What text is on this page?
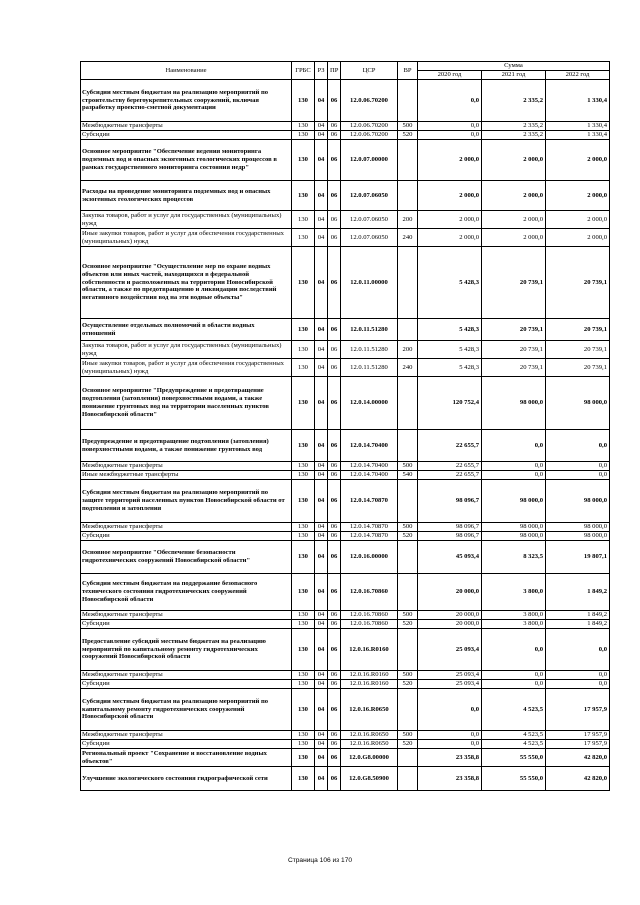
Наименование	ГРБС	РЗ	ПР	ЦСР	ВР	Сумма		
						2020 год	2021 год	2022 год
Субсидии местным бюджетам на реализацию мероприятий по строительству берегоукрепительных сооружений, включая разработку проектно-сметной документации	130	04	06	12.0.06.70200		0,0	2 335,2	1 330,4
Межбюджетные трансферты	130	04	06	12.0.06.70200	500	0,0	2 335,2	1 330,4
Субсидии	130	04	06	12.0.06.70200	520	0,0	2 335,2	1 330,4
Основное мероприятие "Обеспечение ведения мониторинга подземных вод и опасных экзогенных геологических процессов в рамках государственного мониторинга состояния недр"	130	04	06	12.0.07.00000		2 000,0	2 000,0	2 000,0
Расходы на проведение мониторинга подземных вод и опасных экзогенных геологических процессов	130	04	06	12.0.07.06050		2 000,0	2 000,0	2 000,0
Закупка товаров, работ и услуг для государственных (муниципальных) нужд	130	04	06	12.0.07.06050	200	2 000,0	2 000,0	2 000,0
Иные закупки товаров, работ и услуг для обеспечения государственных (муниципальных) нужд	130	04	06	12.0.07.06050	240	2 000,0	2 000,0	2 000,0
Основное мероприятие "Осуществление мер по охране водных объектов или иных частей, находящихся в федеральной собственности и расположенных на территории Новосибирской области, а также по предотвращению и ликвидации последствий негативного воздействия вод на эти водные объекты"	130	04	06	12.0.11.00000		5 428,3	20 739,1	20 739,1
Осуществление отдельных полномочий в области водных отношений	130	04	06	12.0.11.51280		5 428,3	20 739,1	20 739,1
Закупка товаров, работ и услуг для государственных (муниципальных) нужд	130	04	06	12.0.11.51280	200	5 428,3	20 739,1	20 739,1
Иные закупки товаров, работ и услуг для обеспечения государственных (муниципальных) нужд	130	04	06	12.0.11.51280	240	5 428,3	20 739,1	20 739,1
Основное мероприятие "Предупреждение и предотвращение подтопления (затопления) поверхностными водами, а также понижение грунтовых вод на территории населенных пунктов Новосибирской области"	130	04	06	12.0.14.00000		120 752,4	98 000,0	98 000,0
Предупреждение и предотвращение подтопления (затопления) поверхностными водами, а также понижение грунтовых вод	130	04	06	12.0.14.70400		22 655,7	0,0	0,0
Межбюджетные трансферты	130	04	06	12.0.14.70400	500	22 655,7	0,0	0,0
Иные межбюджетные трансферты	130	04	06	12.0.14.70400	540	22 655,7	0,0	0,0
Субсидии местным бюджетам на реализацию мероприятий по защите территорий населенных пунктов Новосибирской области от подтопления и затопления	130	04	06	12.0.14.70870		98 096,7	98 000,0	98 000,0
Межбюджетные трансферты	130	04	06	12.0.14.70870	500	98 096,7	98 000,0	98 000,0
Субсидии	130	04	06	12.0.14.70870	520	98 096,7	98 000,0	98 000,0
Основное мероприятие "Обеспечение безопасности гидротехнических сооружений Новосибирской области"	130	04	06	12.0.16.00000		45 093,4	8 323,5	19 807,1
Субсидии местным бюджетам на поддержание безопасного технического состояния гидротехнических сооружений Новосибирской области	130	04	06	12.0.16.70860		20 000,0	3 800,0	1 849,2
Межбюджетные трансферты	130	04	06	12.0.16.70860	500	20 000,0	3 800,0	1 849,2
Субсидии	130	04	06	12.0.16.70860	520	20 000,0	3 800,0	1 849,2
Предоставление субсидий местным бюджетам на реализацию мероприятий по капитальному ремонту гидротехнических сооружений Новосибирской области	130	04	06	12.0.16.R0160		25 093,4	0,0	0,0
Межбюджетные трансферты	130	04	06	12.0.16.R0160	500	25 093,4	0,0	0,0
Субсидии	130	04	06	12.0.16.R0160	520	25 093,4	0,0	0,0
Субсидии местным бюджетам на реализацию мероприятий по капитальному ремонту гидротехнических сооружений Новосибирской области	130	04	06	12.0.16.R0650		0,0	4 523,5	17 957,9
Межбюджетные трансферты	130	04	06	12.0.16.R0650	500	0,0	4 523,5	17 957,9
Субсидии	130	04	06	12.0.16.R0650	520	0,0	4 523,5	17 957,9
Региональный проект "Сохранение и восстановление водных объектов"	130	04	06	12.0.G8.00000		23 358,8	55 550,0	42 820,0
Улучшение экологического состояния гидрографической сети	130	04	06	12.0.G8.50900		23 358,8	55 550,0	42 820,0
Страница 106 из 170
